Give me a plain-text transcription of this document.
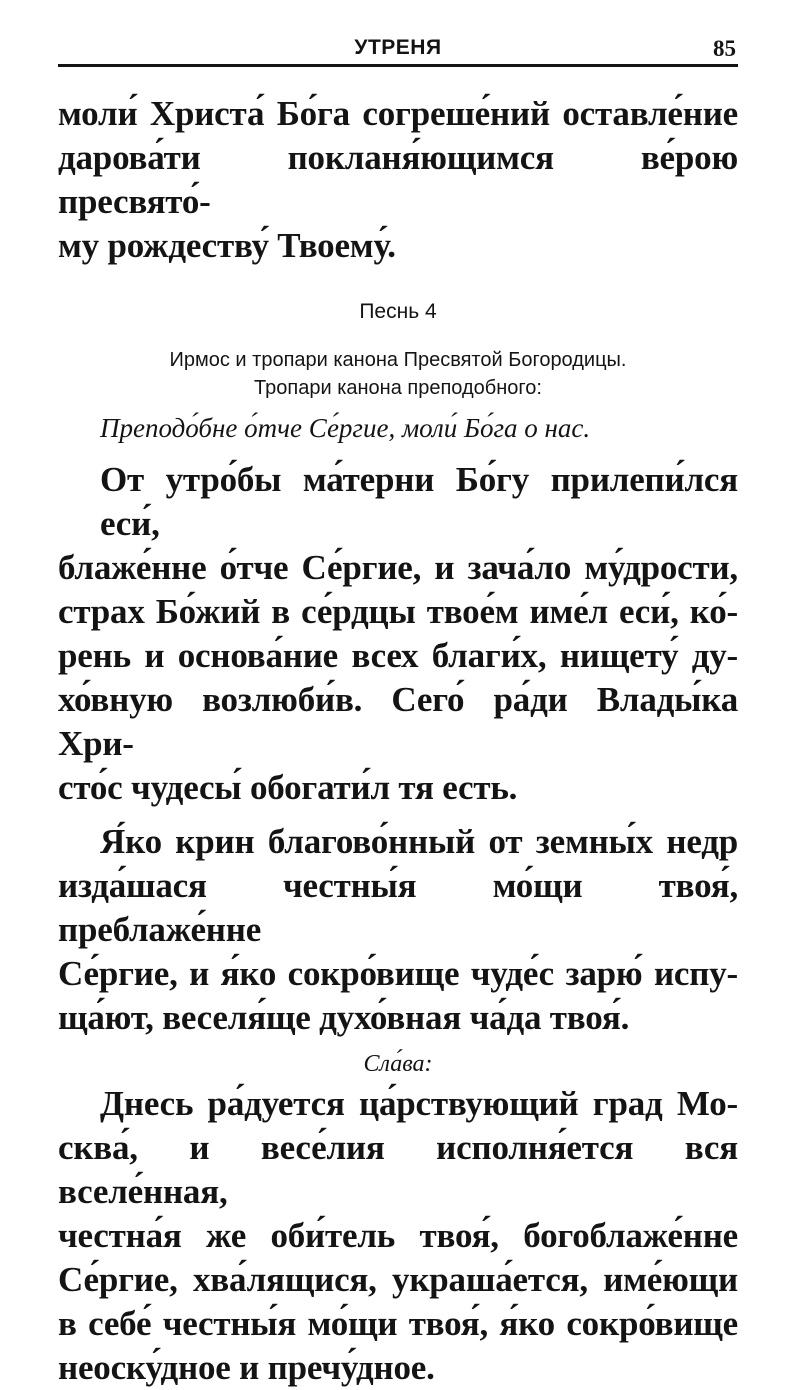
УТРЕНЯ	85

моли́ Христа́ Бо́га согреше́ний оставле́ние
дарова́ти покланя́ющимся ве́рою пресвято́-
му рождеству́ Твоему́.

Песнь 4
Ирмос и тропари канона Пресвятой Богородицы.
Тропари канона преподобного:
Преподо́бне о́тче Се́ргие, моли́ Бо́га о нас.

От утро́бы ма́терни Бо́гу прилепи́лся еси́,
блаже́нне о́тче Се́ргие, и зача́ло му́дрости,
страх Бо́жий в се́рдцы твое́м име́л еси́, ко́-
рень и основа́ние всех благи́х, нищету́ ду-
хо́вную возлюби́в. Сего́ ра́ди Влады́ка Хри-
сто́с чудесы́ обогати́л тя есть.

Я́ко крин благово́нный от земны́х недр
изда́шася честны́я мо́щи твоя́, преблаже́нне
Се́ргие, и я́ко сокро́вище чуде́с зарю́ испу-
ща́ют, веселя́ще духо́вная ча́да твоя́.

Сла́ва:

Днесь ра́дуется ца́рствующий град Мо-
сква́, и весе́лия исполня́ется вся вселе́нная,
честна́я же оби́тель твоя́, богоблаже́нне
Се́ргие, хва́лящися, украша́ется, име́ющи
в себе́ честны́я мо́щи твоя́, я́ко сокро́вище
неоску́дное и пречу́дное.
